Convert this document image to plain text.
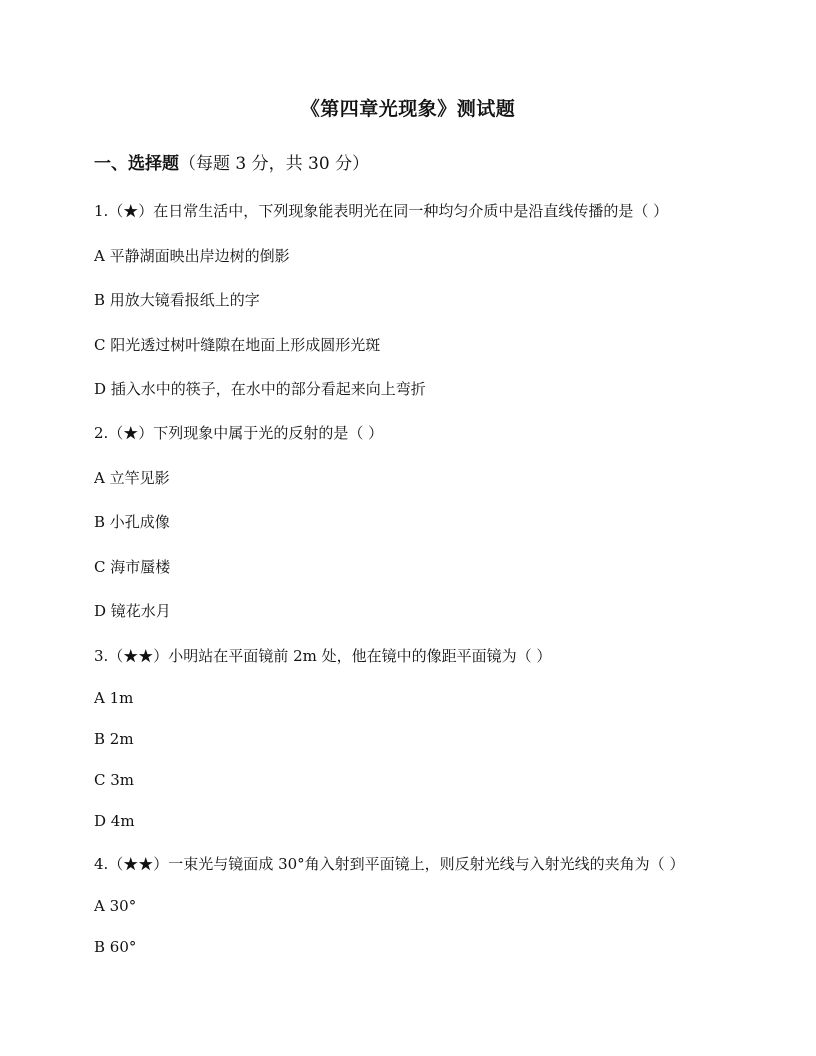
《第四章光现象》测试题
一、选择题（每题 3 分，共 30 分）
1.（★）在日常生活中，下列现象能表明光在同一种均匀介质中是沿直线传播的是（ ）
A 平静湖面映出岸边树的倒影
B 用放大镜看报纸上的字
C 阳光透过树叶缝隙在地面上形成圆形光斑
D 插入水中的筷子，在水中的部分看起来向上弯折
2.（★）下列现象中属于光的反射的是（ ）
A 立竿见影
B 小孔成像
C 海市蜃楼
D 镜花水月
3.（★★）小明站在平面镜前 2m 处，他在镜中的像距平面镜为（ ）
A 1m
B 2m
C 3m
D 4m
4.（★★）一束光与镜面成 30°角入射到平面镜上，则反射光线与入射光线的夹角为（ ）
A 30°
B 60°
